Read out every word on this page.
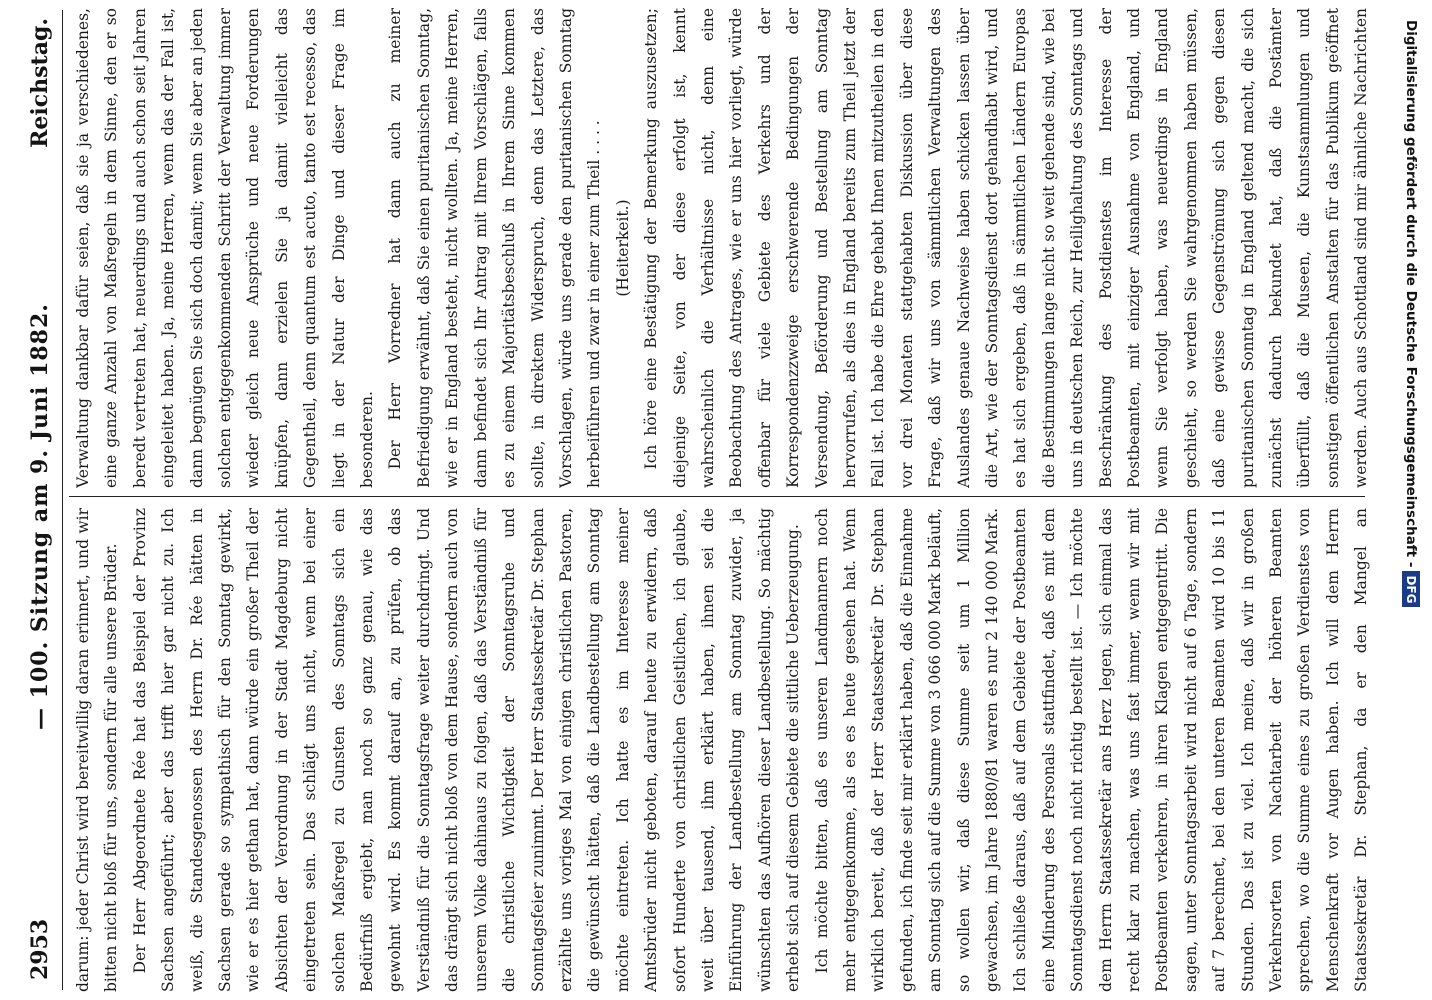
Reichstag.
— 100. Sitzung am 9. Juni 1882.
2953	darum: jeder Christ wird bereitwillig daran erinnert, und wir bitten nicht bloß für uns, sondern für alle unsere Brüder. Der Herr Abgeordnete Rée hat das Beispiel der Provinz Sachsen angeführt; aber das trifft hier gar nicht zu. Ich weiß, die Standesgenossen des Herrn Dr. Rée hätten in Sachsen gerade so sympathisch für den Sonntag gewirkt, wie er es hier gethan hat, dann würde ein großer Theil der Absichten der Verordnung in der Stadt Magdeburg nicht eingetreten sein. Das schlägt uns nicht, wenn bei einer solchen Maßregel zu Gunsten des Sonntags sich ein Bedürfniß ergiebt, man noch so ganz genau, wie das gewohnt wird. Es kommt darauf an, zu prüfen, ob das Verständniß für die Sonntagsfrage weiter durchdringt. Und das drängt sich nicht bloß von dem Hause, sondern auch von unserem Volke dahinaus zu folgen, daß das Verständniß für die christliche Wichtigkeit der Sonntagsruhe und Sonntagsfeier zunimmt. Der Herr Staatssekretär Dr. Stephan erzählte uns voriges Mal von einigen christlichen Pastoren, die gewünscht hätten, daß die Landbestellung am Sonntag möchte eintreten. Ich hatte es im Interesse meiner Amtsbrüder nicht geboten, darauf heute zu erwidern, daß sofort Hunderte von christlichen Geistlichen, ich glaube, weit über tausend, ihm erklärt haben, ihnen sei die Einführung der Landbestellung am Sonntag zuwider, ja wünschten das Aufhören dieser Landbestellung. So mächtig erhebt sich auf diesem Gebiete die sittliche Ueberzeugung. Ich möchte bitten, daß es unseren Landmannern noch mehr entgegenkomme, als es es heute gesehen hat. Wenn wirklich bereit, daß der Herr Staatssekretär Dr. Stephan gefunden, ich finde seit mir erklärt haben, daß die Einnahme am Sonntag sich auf die Summe von 3 066 000 Mark beläuft, so wollen wir, daß diese Summe seit um 1 Million gewachsen, im Jahre 1880/81 waren es nur 2 140 000 Mark. Ich schließe daraus, daß auf dem Gebiete der Postbeamten eine Minderung des Personals stattfindet, daß es mit dem Sonntagsdienst noch nicht richtig bestellt ist. — Ich möchte dem Herrn Staatssekretär ans Herz legen, sich einmal das recht klar zu machen, was uns fast immer, wenn wir mit Postbeamten verkehren, in ihren Klagen entgegentritt. Die sagen, unter Sonntagsarbeit wird nicht auf 6 Tage, sondern auf 7 berechnet, bei den unteren Beamten wird 10 bis 11 Stunden. Das ist zu viel. Ich meine, daß wir in großen Verkehrsorten von Nachtarbeit der höheren Beamten sprechen, wo die Summe eines zu großen Verdienstes von Menschenkraft vor Augen haben. Ich will dem Herrn Staatssekretär Dr. Stephan, da er den Mangel an

Verwaltung dankbar dafür seien, daß sie ja verschiedenes, eine ganze Anzahl von Maßregeln in dem Sinne, den er so beredt vertreten hat, neuerdings und auch schon seit Jahren eingeleitet haben. Ja, meine Herren, wenn das der Fall ist, dann begnügen Sie sich doch damit; wenn Sie aber an jeden solchen entgegenkommenden Schritt der Verwaltung immer wieder gleich neue Ansprüche und neue Forderungen knüpfen, dann erzielen Sie ja damit vielleicht das Gegentheil, denn quantum est acuto, tanto est recesso, das liegt in der Natur der Dinge und dieser Frage im besonderen. Der Herr Vorredner hat dann auch zu meiner Befriedigung erwähnt, daß Sie einen puritanischen Sonntag, wie er in England besteht, nicht wollten. Ja, meine Herren, dann befindet sich Ihr Antrag mit Ihrem Vorschlägen, falls es zu einem Majoritätsbeschluß in Ihrem Sinne kommen sollte, in direktem Widerspruch, denn das Letztere, das Vorschlagen, würde uns gerade den puritanischen Sonntag herbeiführen und zwar in einer zum Theil . . . . (Heiterkeit.)

Ich höre eine Bestätigung der Bemerkung auszusetzen; diejenige Seite, von der diese erfolgt ist, kennt wahrscheinlich die Verhältnisse nicht, denn eine Beobachtung des Antrages, wie er uns hier vorliegt, würde offenbar für viele Gebiete des Verkehrs und der Korrespondenzzweige erschwerende Bedingungen der Versendung, Beförderung und Bestellung am Sonntag hervorrufen, als dies in England bereits zum Theil jetzt der Fall ist. Ich habe die Ehre gehabt Ihnen mitzutheilen in den vor drei Monaten stattgehabten Diskussion über diese Frage, daß wir uns von sämmtlichen Verwaltungen des Auslandes genaue Nachweise haben schicken lassen über die Art, wie der Sonntagsdienst dort gehandhabt wird, und es hat sich ergeben, daß in sämmtlichen Ländern Europas die Bestimmungen lange nicht so weit gehende sind, wie bei uns in deutschen Reich, zur Heilighaltung des Sonntags und Beschränkung des Postdienstes im Interesse der Postbeamten, mit einziger Ausnahme von England, und wenn Sie verfolgt haben, was neuerdings in England geschieht, so werden Sie wahrgenommen haben müssen, daß eine gewisse Gegenströmung sich gegen diesen puritanischen Sonntag in England geltend macht, die sich zunächst dadurch bekundet hat, daß die Postämter überfüllt, daß die Museen, die Kunstsammlungen und sonstigen öffentlichen Anstalten für das Publikum geöffnet werden. Auch aus Schottland sind mir ähnliche Nachrichten	Digitalisierung gefördert durch die Deutsche Forschungsgemeinschaft -DFG
